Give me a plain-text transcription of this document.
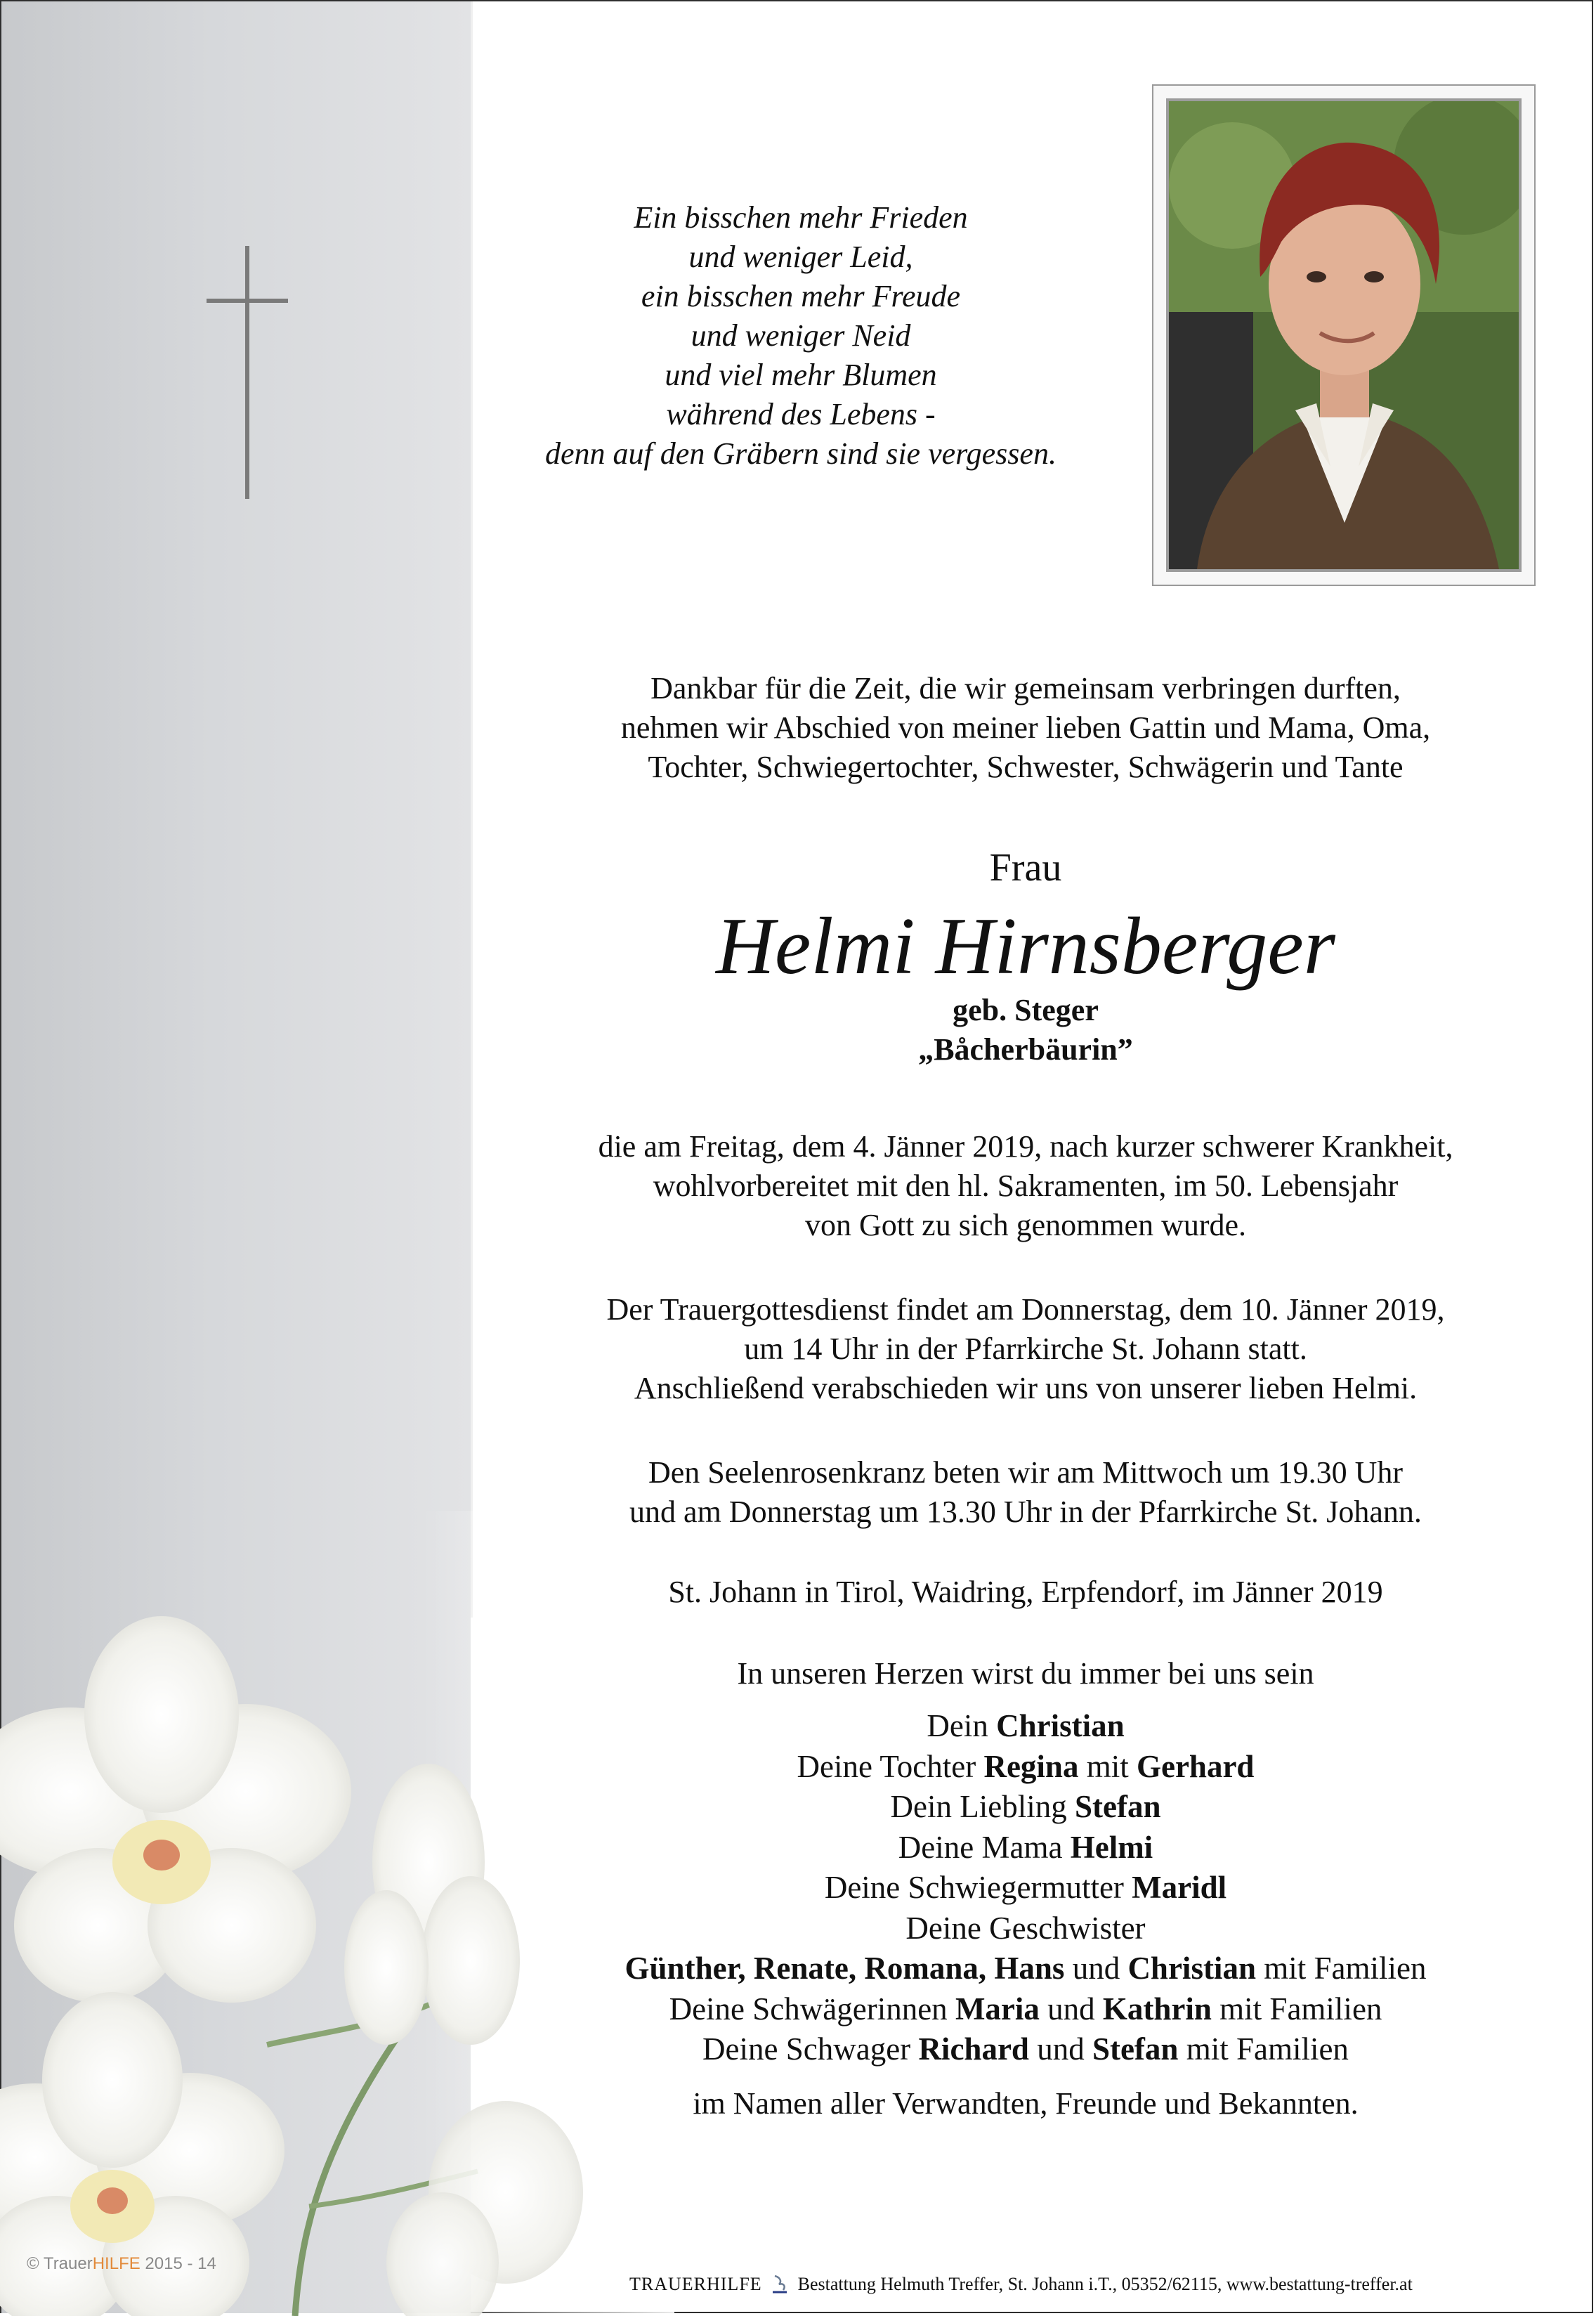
Ein bisschen mehr Frieden
und weniger Leid,
ein bisschen mehr Freude
und weniger Neid
und viel mehr Blumen
während des Lebens -
denn auf den Gräbern sind sie vergessen.
Dankbar für die Zeit, die wir gemeinsam verbringen durften,
nehmen wir Abschied von meiner lieben Gattin und Mama, Oma,
Tochter, Schwiegertochter, Schwester, Schwägerin und Tante
Frau
Helmi Hirnsberger
geb. Steger
„Båcherbäurin”
die am Freitag, dem 4. Jänner 2019, nach kurzer schwerer Krankheit,
wohlvorbereitet mit den hl. Sakramenten, im 50. Lebensjahr
von Gott zu sich genommen wurde.
Der Trauergottesdienst findet am Donnerstag, dem 10. Jänner 2019,
um 14 Uhr in der Pfarrkirche St. Johann statt.
Anschließend verabschieden wir uns von unserer lieben Helmi.
Den Seelenrosenkranz beten wir am Mittwoch um 19.30 Uhr
und am Donnerstag um 13.30 Uhr in der Pfarrkirche St. Johann.
St. Johann in Tirol, Waidring, Erpfendorf, im Jänner 2019
In unseren Herzen wirst du immer bei uns sein
Dein Christian
Deine Tochter Regina mit Gerhard
Dein Liebling Stefan
Deine Mama Helmi
Deine Schwiegermutter Maridl
Deine Geschwister
Günther, Renate, Romana, Hans und Christian mit Familien
Deine Schwägerinnen Maria und Kathrin mit Familien
Deine Schwager Richard und Stefan mit Familien
im Namen aller Verwandten, Freunde und Bekannten.
TRAUERHILFE Bestattung Helmuth Treffer, St. Johann i.T., 05352/62115, www.bestattung-treffer.at
© TrauerHILFE 2015 - 14
